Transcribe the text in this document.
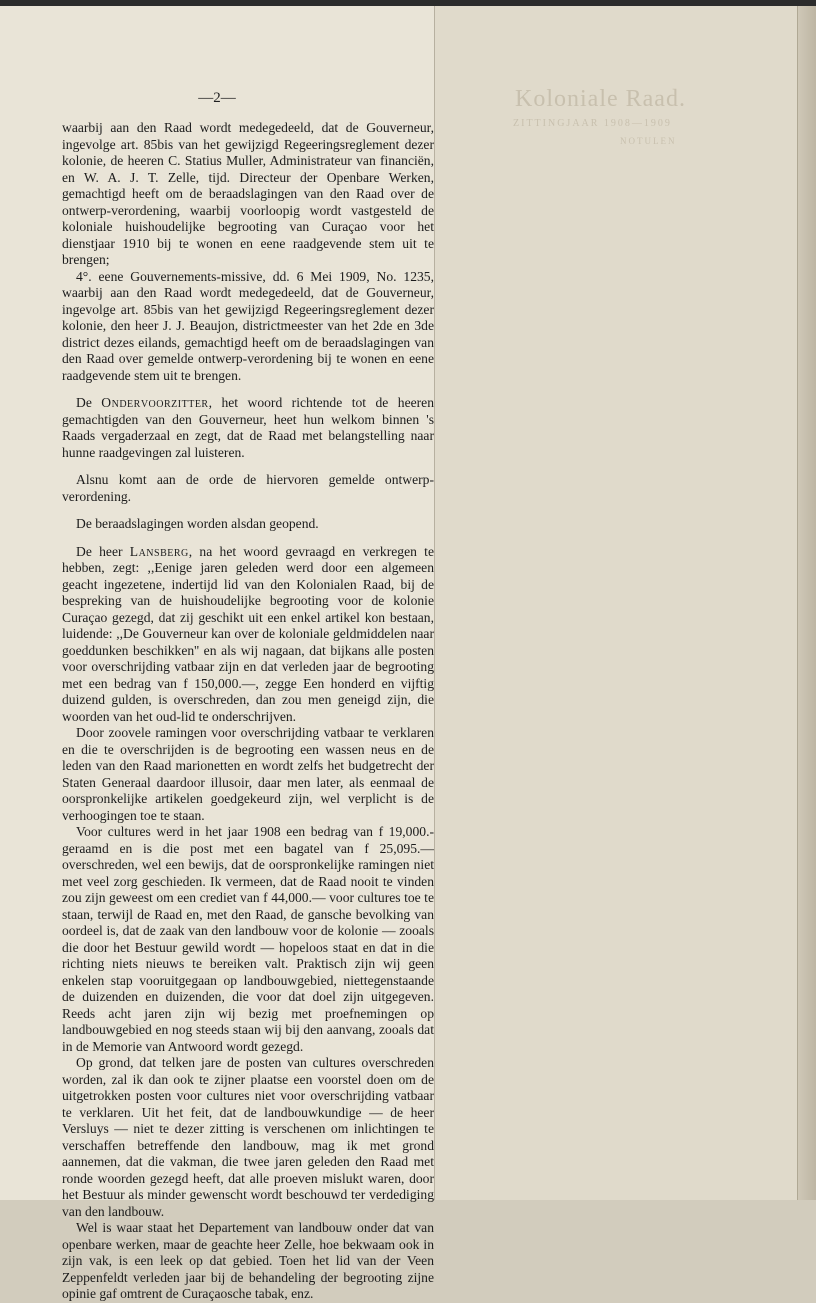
Koloniale Raad.
ZITTINGJAAR 1908—1909
NOTULEN
—2—

waarbij aan den Raad wordt medegedeeld, dat de Gouverneur, ingevolge art. 85bis van het gewijzigd Regeeringsreglement dezer kolonie, de heeren C. Statius Muller, Administrateur van financiën, en W. A. J. T. Zelle, tijd. Directeur der Openbare Werken, gemachtigd heeft om de beraadslagingen van den Raad over de ontwerp-verordening, waarbij voorloopig wordt vastgesteld de koloniale huishoudelijke begrooting van Curaçao voor het dienstjaar 1910 bij te wonen en eene raadgevende stem uit te brengen;

4°. eene Gouvernements-missive, dd. 6 Mei 1909, No. 1235, waarbij aan den Raad wordt medegedeeld, dat de Gouverneur, ingevolge art. 85bis van het gewijzigd Regeeringsreglement dezer kolonie, den heer J. J. Beaujon, districtmeester van het 2de en 3de district dezes eilands, gemachtigd heeft om de beraadslagingen van den Raad over gemelde ontwerp-verordening bij te wonen en eene raadgevende stem uit te brengen.

De Ondervoorzitter, het woord richtende tot de heeren gemachtigden van den Gouverneur, heet hun welkom binnen 's Raads vergaderzaal en zegt, dat de Raad met belangstelling naar hunne raadgevingen zal luisteren.

Alsnu komt aan de orde de hiervoren gemelde ontwerp-verordening.

De beraadslagingen worden alsdan geopend.

De heer Lansberg, na het woord gevraagd en verkregen te hebben, zegt: ,,Eenige jaren geleden werd door een algemeen geacht ingezetene, indertijd lid van den Kolonialen Raad, bij de bespreking van de huishoudelijke begrooting voor de kolonie Curaçao gezegd, dat zij geschikt uit een enkel artikel kon bestaan, luidende: ,,De Gouverneur kan over de koloniale geldmiddelen naar goeddunken beschikken'' en als wij nagaan, dat bijkans alle posten voor overschrijding vatbaar zijn en dat verleden jaar de begrooting met een bedrag van f 150,000.—, zegge Een honderd en vijftig duizend gulden, is overschreden, dan zou men geneigd zijn, die woorden van het oud-lid te onderschrijven.

Door zoovele ramingen voor overschrijding vatbaar te verklaren en die te overschrijden is de begrooting een wassen neus en de leden van den Raad marionetten en wordt zelfs het budgetrecht der Staten Generaal daardoor illusoir, daar men later, als eenmaal de oorspronkelijke artikelen goedgekeurd zijn, wel verplicht is de verhoogingen toe te staan.

Voor cultures werd in het jaar 1908 een bedrag van f 19,000.- geraamd en is die post met een bagatel van f 25,095.— overschreden, wel een bewijs, dat de oorspronkelijke ramingen niet met veel zorg geschieden. Ik vermeen, dat de Raad nooit te vinden zou zijn geweest om een crediet van f 44,000.— voor cultures toe te staan, terwijl de Raad en, met den Raad, de gansche bevolking van oordeel is, dat de zaak van den landbouw voor de kolonie — zooals die door het Bestuur gewild wordt — hopeloos staat en dat in die richting niets nieuws te bereiken valt. Praktisch zijn wij geen enkelen stap vooruitgegaan op landbouwgebied, niettegenstaande de duizenden en duizenden, die voor dat doel zijn uitgegeven. Reeds acht jaren zijn wij bezig met proefnemingen op landbouwgebied en nog steeds staan wij bij den aanvang, zooals dat in de Memorie van Antwoord wordt gezegd.

Op grond, dat telken jare de posten van cultures overschreden worden, zal ik dan ook te zijner plaatse een voorstel doen om de uitgetrokken posten voor cultures niet voor overschrijding vatbaar te verklaren. Uit het feit, dat de landbouwkundige — de heer Versluys — niet te dezer zitting is verschenen om inlichtingen te verschaffen betreffende den landbouw, mag ik met grond aannemen, dat die vakman, die twee jaren geleden den Raad met ronde woorden gezegd heeft, dat alle proeven mislukt waren, door het Bestuur als minder gewenscht wordt beschouwd ter verdediging van den landbouw.

Wel is waar staat het Departement van landbouw onder dat van openbare werken, maar de geachte heer Zelle, hoe bekwaam ook in zijn vak, is een leek op dat gebied. Toen het lid van der Veen Zeppenfeldt verleden jaar bij de behandeling der begrooting zijne opinie gaf omtrent de Curaçaosche tabak, enz.
